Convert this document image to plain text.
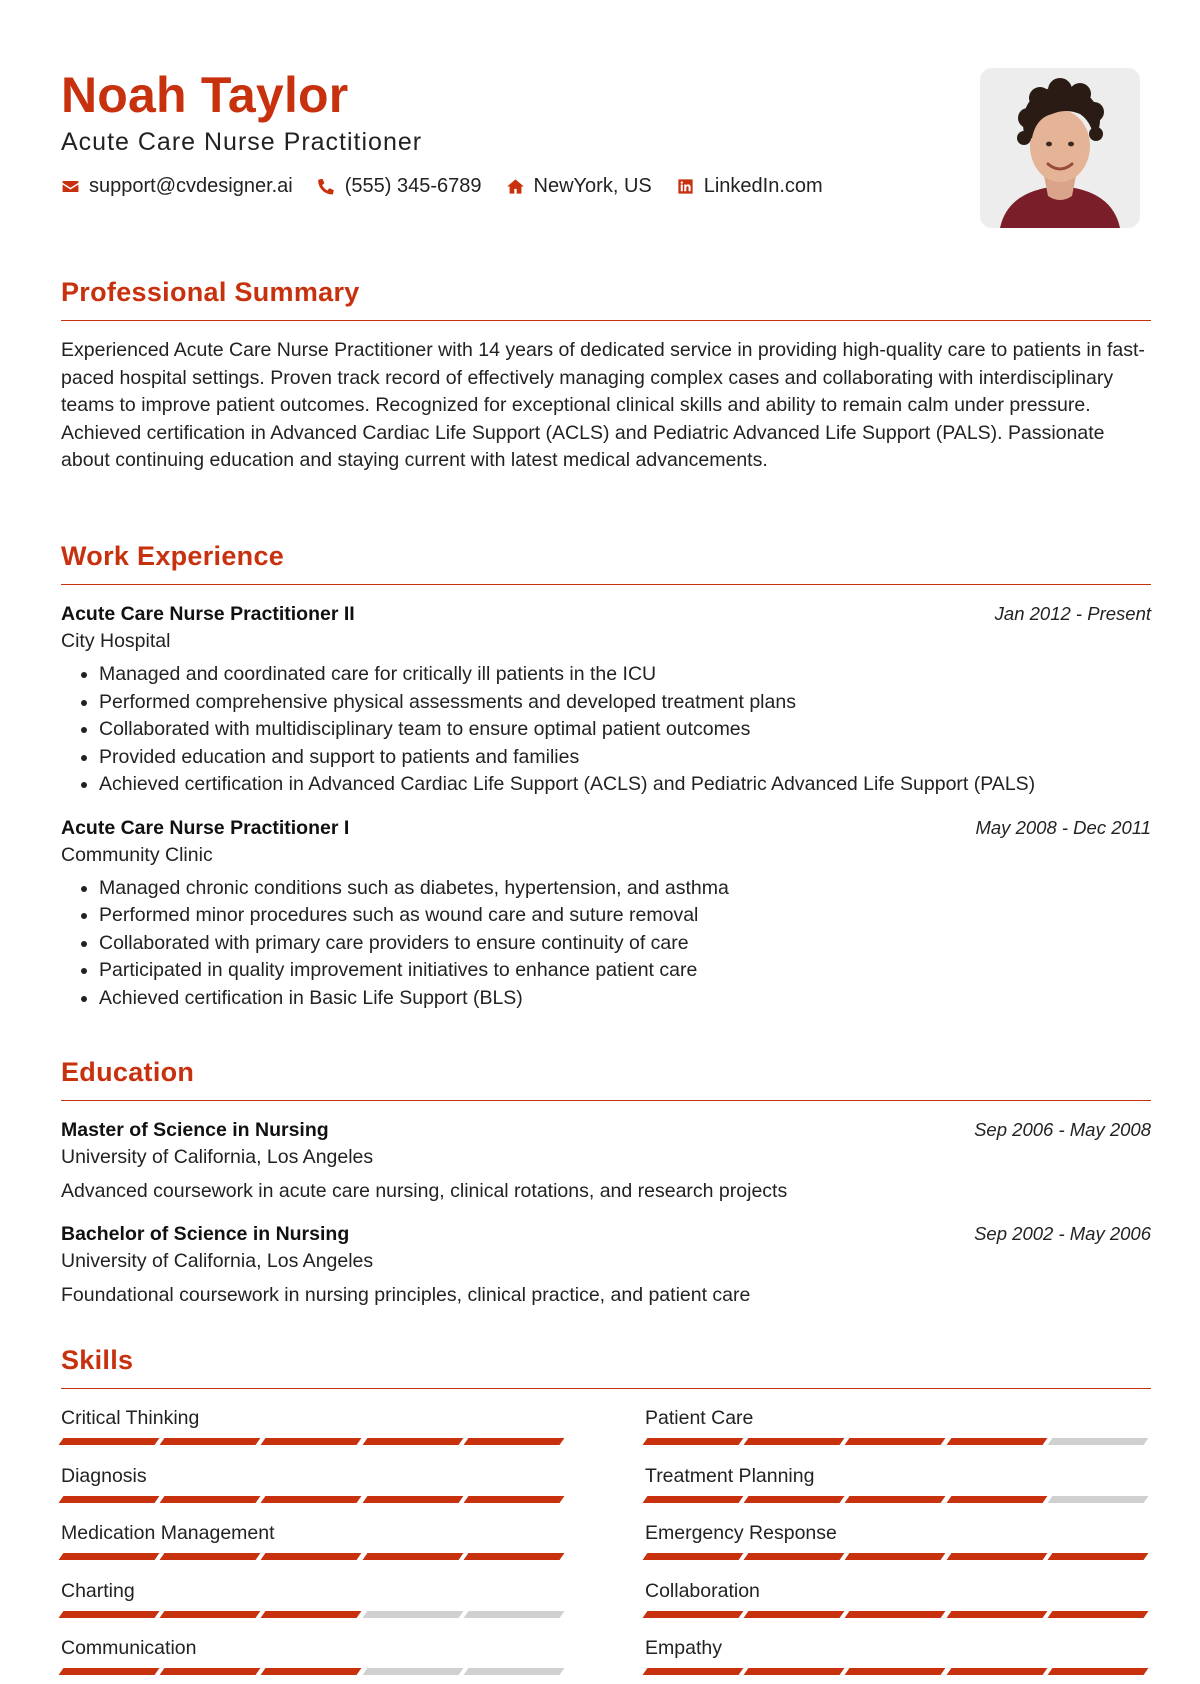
Noah Taylor
Acute Care Nurse Practitioner
support@cvdesigner.ai	(555) 345-6789	NewYork, US	LinkedIn.com
Professional Summary
Experienced Acute Care Nurse Practitioner with 14 years of dedicated service in providing high-quality care to patients in fast-paced hospital settings. Proven track record of effectively managing complex cases and collaborating with interdisciplinary teams to improve patient outcomes. Recognized for exceptional clinical skills and ability to remain calm under pressure. Achieved certification in Advanced Cardiac Life Support (ACLS) and Pediatric Advanced Life Support (PALS). Passionate about continuing education and staying current with latest medical advancements.
Work Experience
Acute Care Nurse Practitioner II
City Hospital
Jan 2012 - Present
• Managed and coordinated care for critically ill patients in the ICU
• Performed comprehensive physical assessments and developed treatment plans
• Collaborated with multidisciplinary team to ensure optimal patient outcomes
• Provided education and support to patients and families
• Achieved certification in Advanced Cardiac Life Support (ACLS) and Pediatric Advanced Life Support (PALS)
Acute Care Nurse Practitioner I
Community Clinic
May 2008 - Dec 2011
• Managed chronic conditions such as diabetes, hypertension, and asthma
• Performed minor procedures such as wound care and suture removal
• Collaborated with primary care providers to ensure continuity of care
• Participated in quality improvement initiatives to enhance patient care
• Achieved certification in Basic Life Support (BLS)
Education
Master of Science in Nursing
University of California, Los Angeles
Sep 2006 - May 2008
Advanced coursework in acute care nursing, clinical rotations, and research projects
Bachelor of Science in Nursing
University of California, Los Angeles
Sep 2002 - May 2006
Foundational coursework in nursing principles, clinical practice, and patient care
Skills
Critical Thinking	Patient Care
Diagnosis	Treatment Planning
Medication Management	Emergency Response
Charting	Collaboration
Communication	Empathy
